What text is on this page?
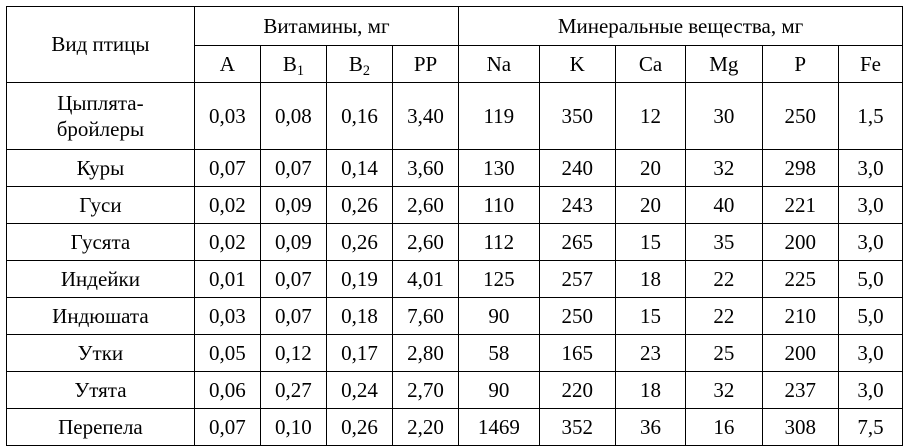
Вид птицы	Витамины, мг				Минеральные вещества, мг					
	A	$B_1$	$B_2$	PP	Na	K	Ca	Mg	P	Fe

Цыплята-
бройлеры	0,03	0,08	0,16	3,40	119	350	12	30	250	1,5
Куры	0,07	0,07	0,14	3,60	130	240	20	32	298	3,0
Гуси	0,02	0,09	0,26	2,60	110	243	20	40	221	3,0
Гусята	0,02	0,09	0,26	2,60	112	265	15	35	200	3,0
Индейки	0,01	0,07	0,19	4,01	125	257	18	22	225	5,0
Индюшата	0,03	0,07	0,18	7,60	90	250	15	22	210	5,0
Утки	0,05	0,12	0,17	2,80	58	165	23	25	200	3,0
Утята	0,06	0,27	0,24	2,70	90	220	18	32	237	3,0
Перепела	0,07	0,10	0,26	2,20	1469	352	36	16	308	7,5
